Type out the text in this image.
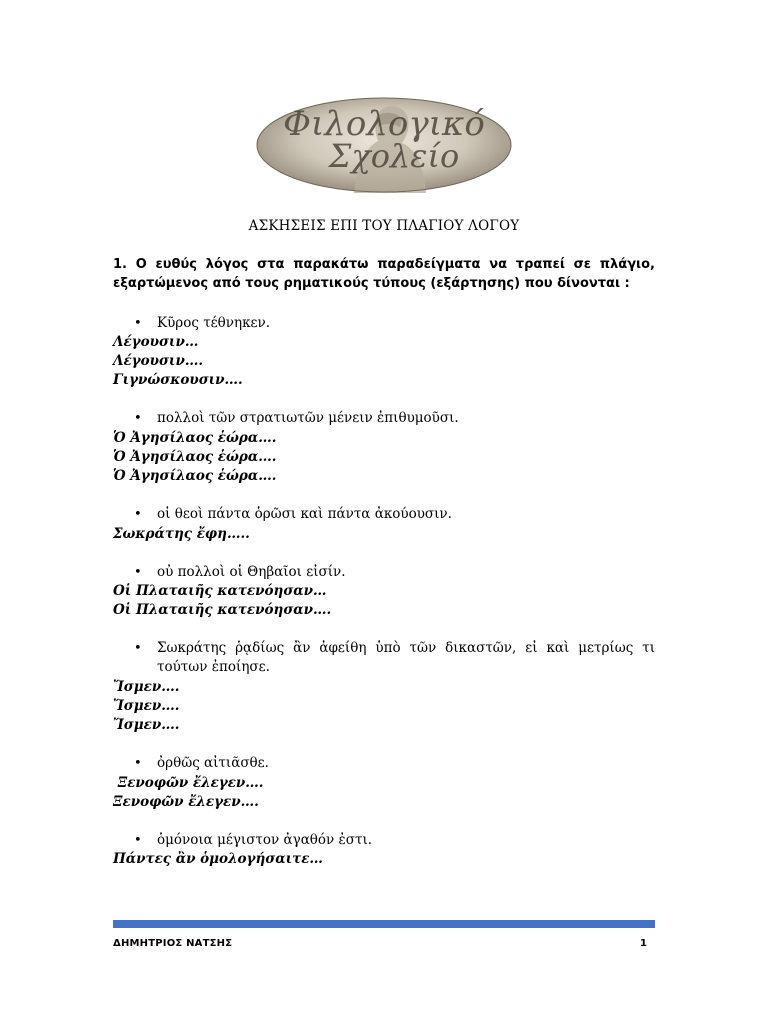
Φιλολογικό
Σχολείο
ΑΣΚΗΣΕΙΣ ΕΠΙ ΤΟΥ ΠΛΑΓΙΟΥ ΛΟΓΟΥ
1. Ο ευθύς λόγος στα παρακάτω παραδείγματα να τραπεί σε πλάγιο, εξαρτώμενος από τους ρηματικούς τύπους (εξάρτησης) που δίνονται :
• Κῦρος τέθνηκεν.
Λέγουσιν…
Λέγουσιν….
Γιγνώσκουσιν….
• πολλοὶ τῶν στρατιωτῶν μένειν ἐπιθυμοῦσι.
Ὁ Ἀγησίλαος ἑώρα….
Ὁ Ἀγησίλαος ἑώρα….
Ὁ Ἀγησίλαος ἑώρα….
• οἱ θεοὶ πάντα ὁρῶσι καὶ πάντα ἀκούουσιν.
Σωκράτης ἔφη…..
• οὐ πολλοὶ οἱ Θηβαῖοι εἰσίν.
Οἱ Πλαταιῆς κατενόησαν…
Οἱ Πλαταιῆς κατενόησαν….
• Σωκράτης ῥᾳδίως ἂν ἀφείθη ὑπὸ τῶν δικαστῶν, εἰ καὶ μετρίως τι τούτων ἐποίησε.
Ἴσμεν….
Ἴσμεν….
Ἴσμεν….
• ὀρθῶς αἰτιᾶσθε.
Ξενοφῶν ἔλεγεν….
Ξενοφῶν ἔλεγεν….
• ὁμόνοια μέγιστον ἀγαθόν ἐστι.
Πάντες ἂν ὁμολογήσαιτε…
ΔΗΜΗΤΡΙΟΣ ΝΑΤΣΗΣ	1
